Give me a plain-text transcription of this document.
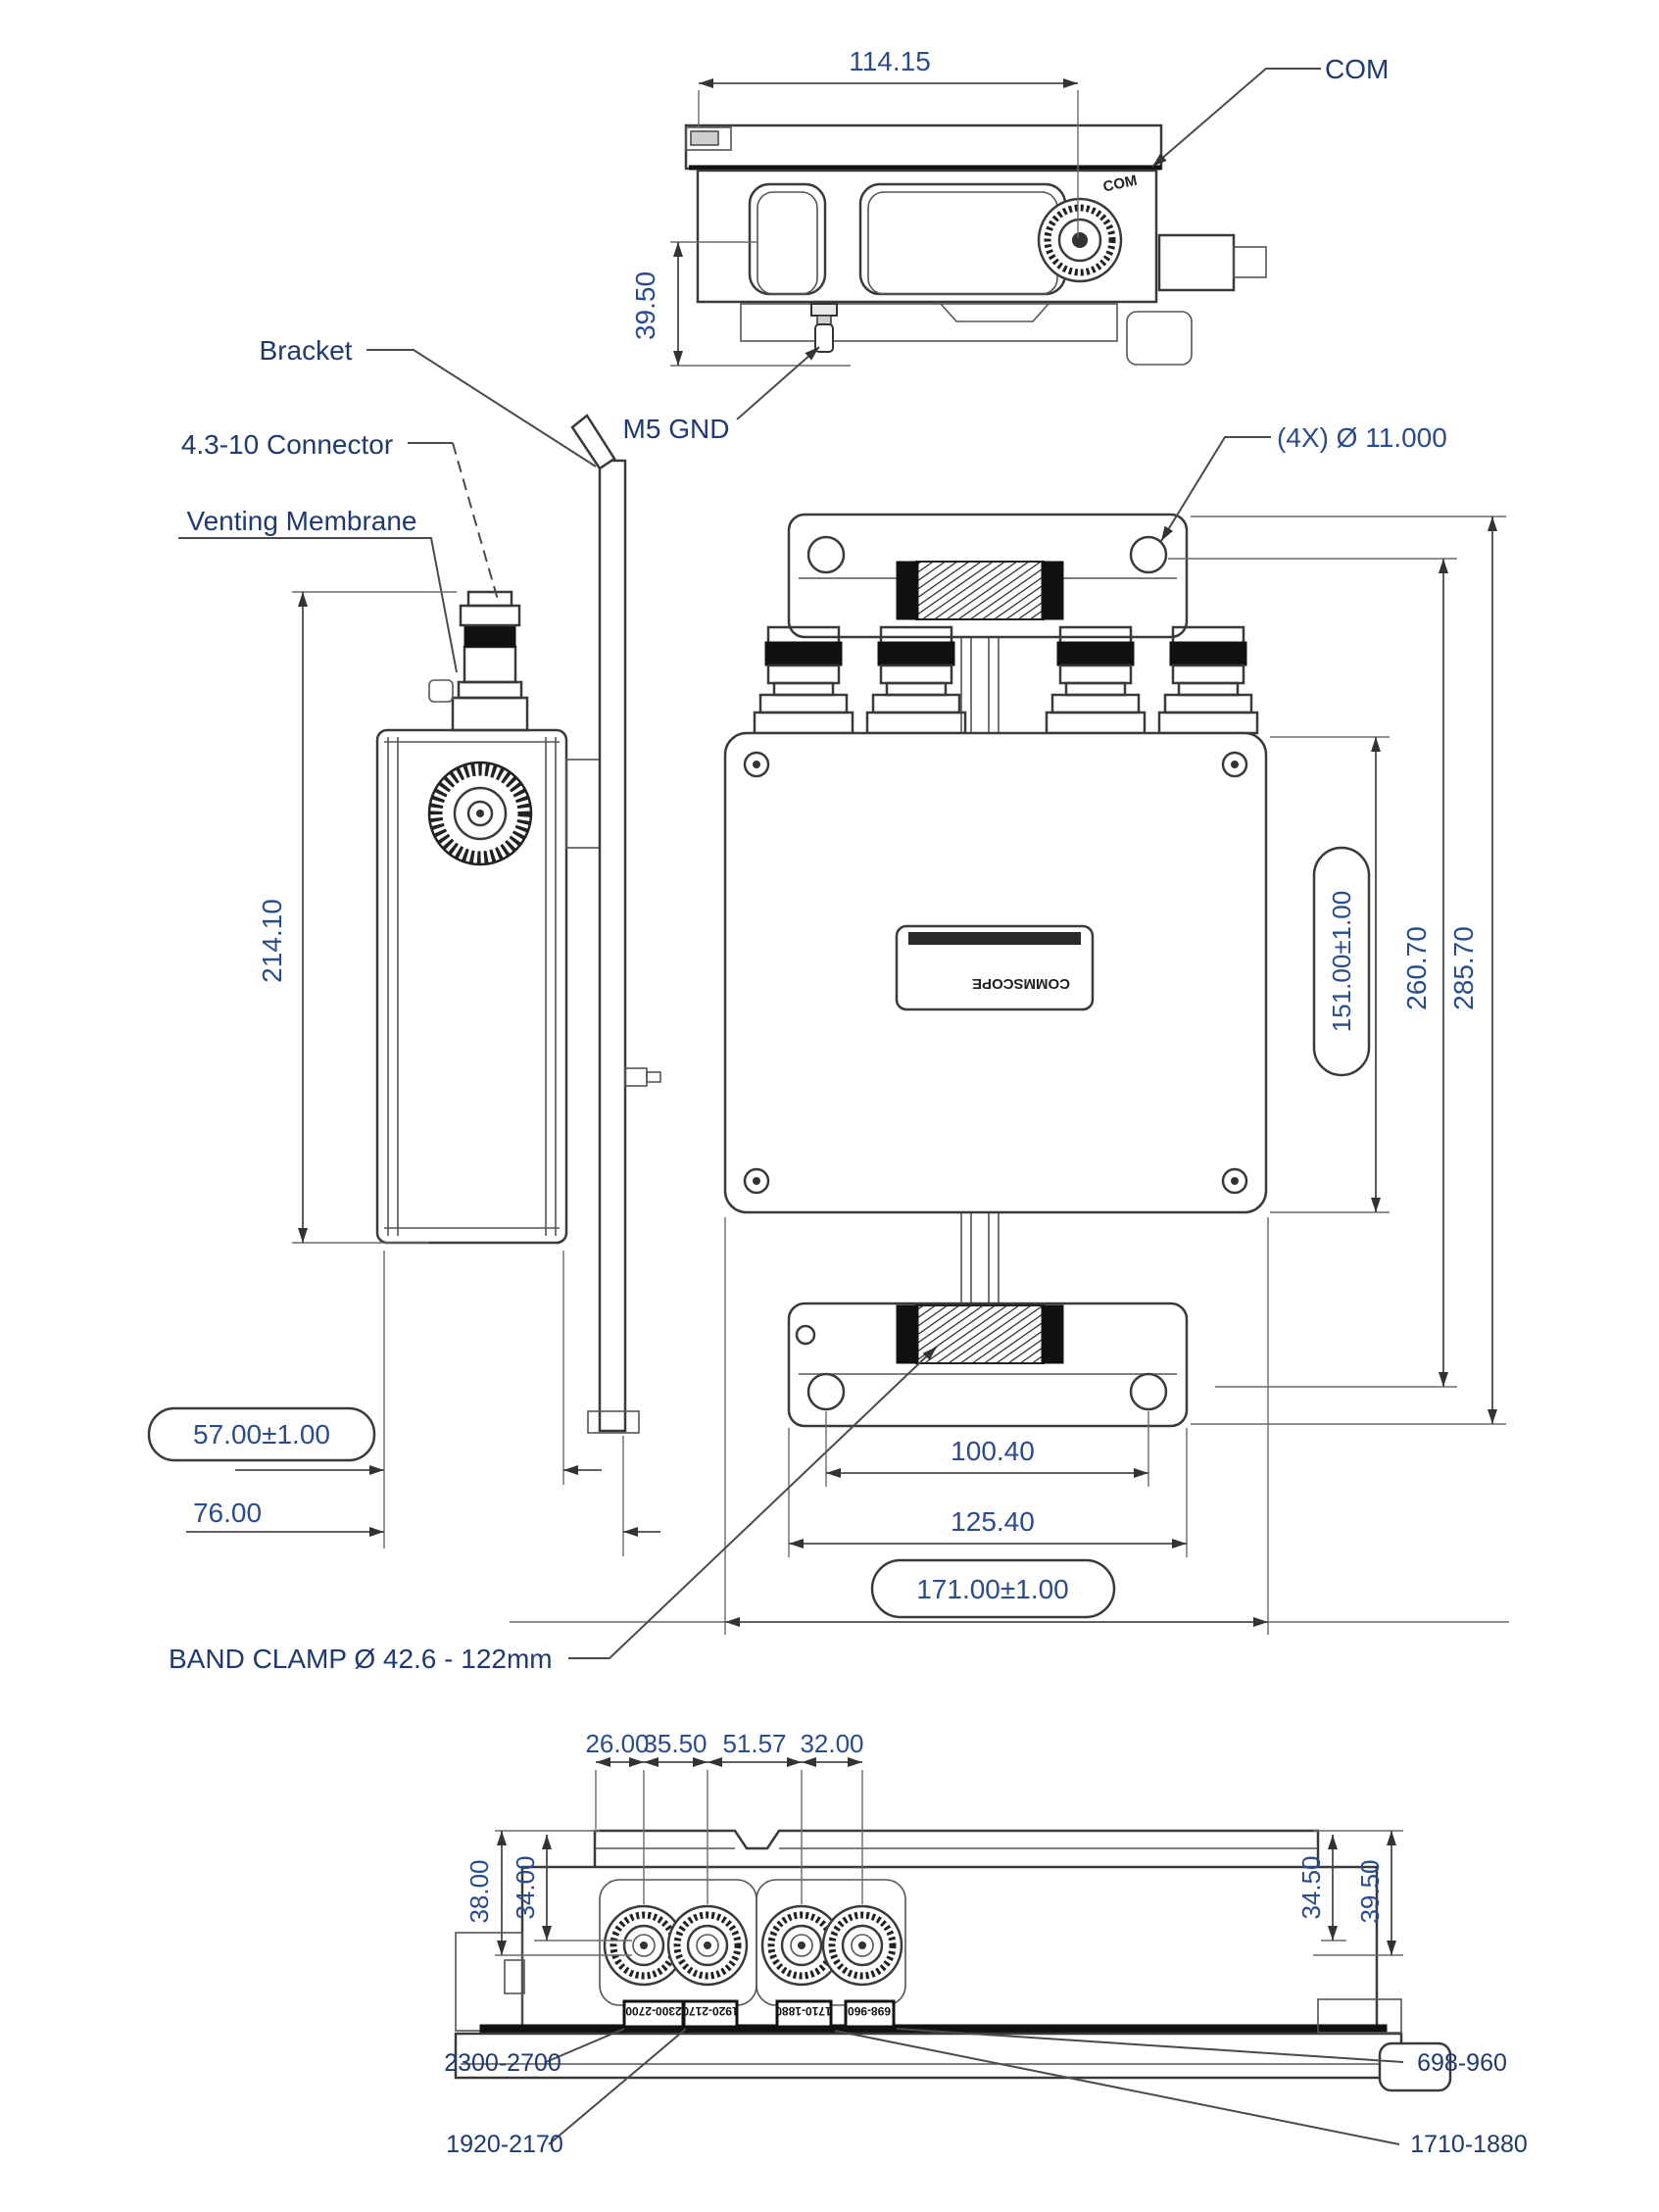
COM
114.15
39.50
COM
M5 GND
Bracket
4.3-10 Connector
Venting Membrane
214.10
57.00±1.00
76.00
COMMSCOPE
(4X) Ø 11.000
151.00±1.00 260.70 285.70
100.40
125.40
171.00±1.00
BAND CLAMP Ø 42.6 - 122mm
2300-2700 1920-2170	1710-1880 698-960
26.00
35.50 51.57 32.00
38.00 34.00	34.50 39.50
2300-2700
1920-2170
698-960
1710-1880
